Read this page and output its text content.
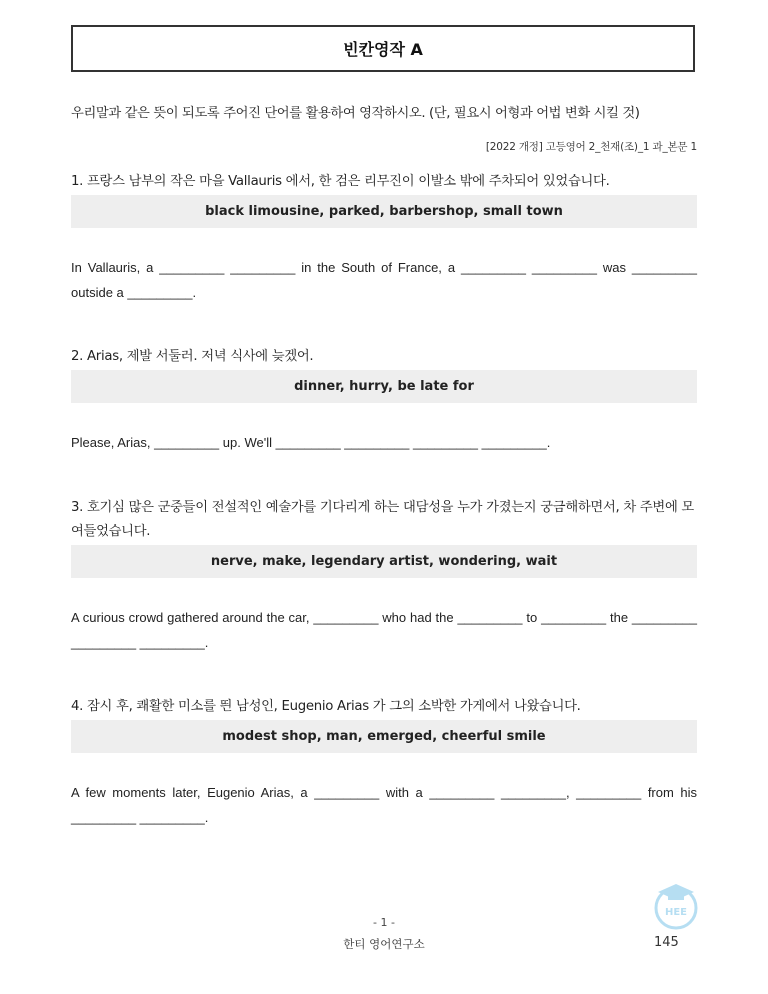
빈칸영작 A
우리말과 같은 뜻이 되도록 주어진 단어를 활용하여 영작하시오. (단, 필요시 어형과 어법 변화 시킬 것)
[2022 개정] 고등영어 2_천재(조)_1 과_본문 1
1. 프랑스 남부의 작은 마을 Vallauris 에서, 한 검은 리무진이 이발소 밖에 주차되어 있었습니다.
black limousine, parked, barbershop, small town
In Vallauris, a _________ _________ in the South of France, a _________ _________ was _________ outside a _________.
2. Arias, 제발 서둘러. 저녁 식사에 늦겠어.
dinner, hurry, be late for
Please, Arias, _________ up. We'll _________ _________ _________ _________.
3. 호기심 많은 군중들이 전설적인 예술가를 기다리게 하는 대담성을 누가 가졌는지 궁금해하면서, 차 주변에 모여들었습니다.
nerve, make, legendary artist, wondering, wait
A curious crowd gathered around the car, _________ who had the _________ to _________ the _________ _________ _________.
4. 잠시 후, 쾌활한 미소를 띈 남성인, Eugenio Arias 가 그의 소박한 가게에서 나왔습니다.
modest shop, man, emerged, cheerful smile
A few moments later, Eugenio Arias, a _________ with a _________ _________, _________ from his _________ _________.
- 1 -
한티 영어연구소	145
HEE
